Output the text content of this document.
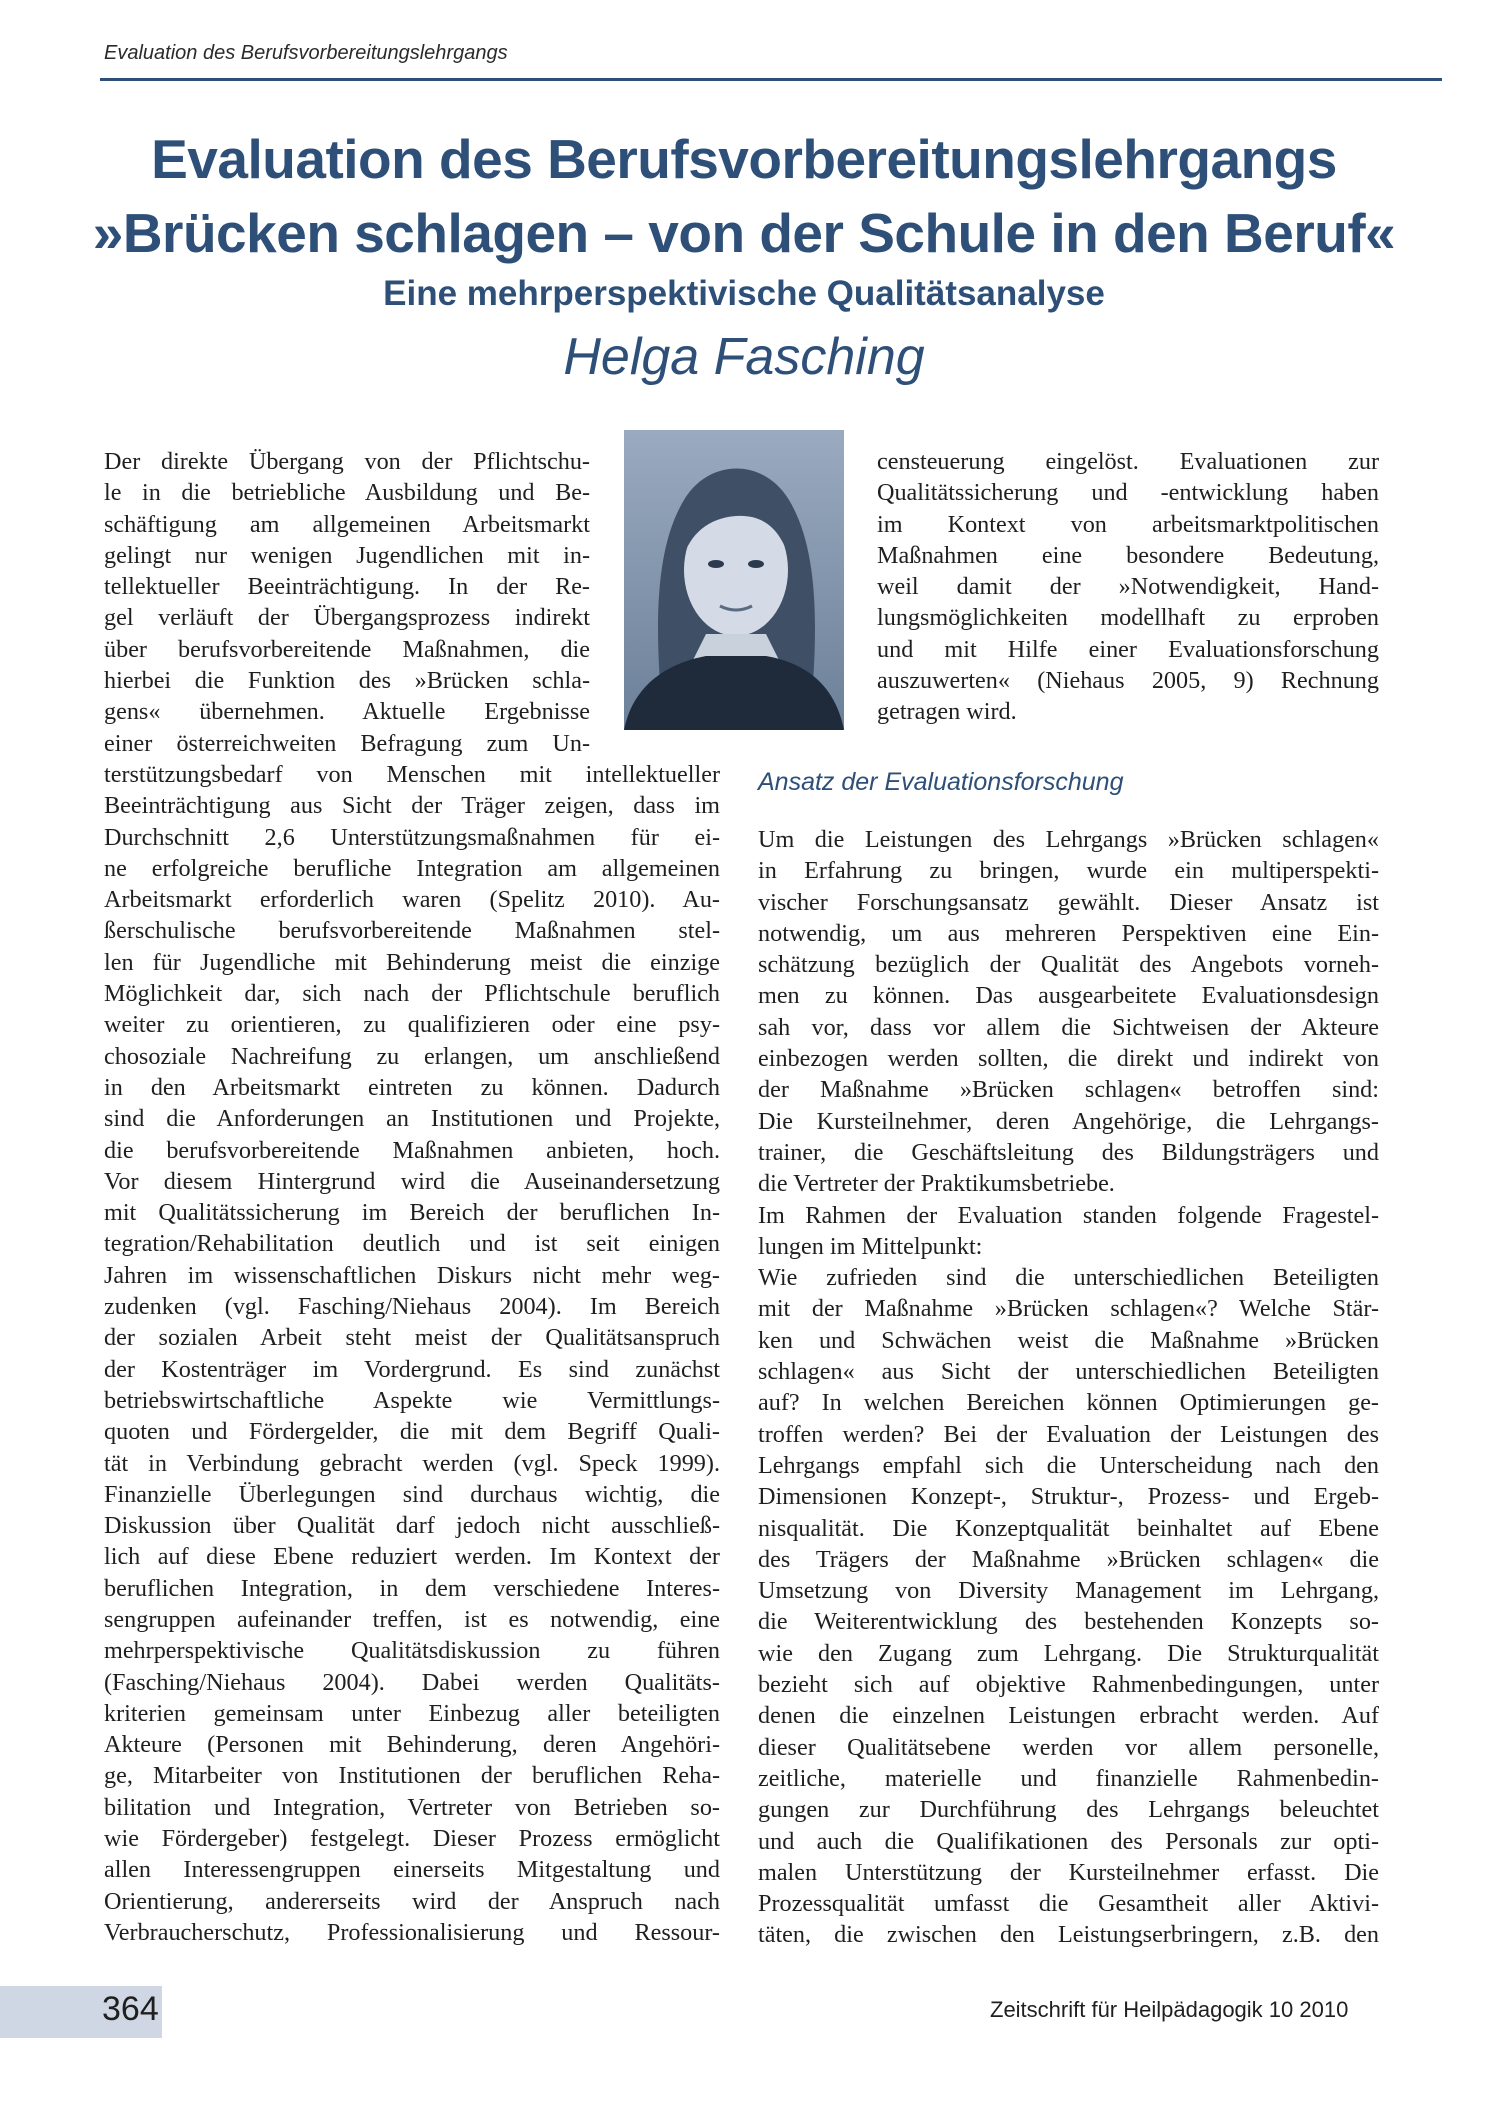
Evaluation des Berufsvorbereitungslehrgangs
Evaluation des Berufsvorbereitungslehrgangs
»Brücken schlagen – von der Schule in den Beruf«
Eine mehrperspektivische Qualitätsanalyse
Helga Fasching
Der direkte Übergang von der Pflichtschu-
le in die betriebliche Ausbildung und Be-
schäftigung am allgemeinen Arbeitsmarkt
gelingt nur wenigen Jugendlichen mit in-
tellektueller Beeinträchtigung. In der Re-
gel verläuft der Übergangsprozess indirekt
über berufsvorbereitende Maßnahmen, die
hierbei die Funktion des »Brücken schla-
gens« übernehmen. Aktuelle Ergebnisse
einer österreichweiten Befragung zum Un-
terstützungsbedarf von Menschen mit intellektueller
Beeinträchtigung aus Sicht der Träger zeigen, dass im
Durchschnitt 2,6 Unterstützungsmaßnahmen für ei-
ne erfolgreiche berufliche Integration am allgemeinen
Arbeitsmarkt erforderlich waren (Spelitz 2010). Au-
ßerschulische berufsvorbereitende Maßnahmen stel-
len für Jugendliche mit Behinderung meist die einzige
Möglichkeit dar, sich nach der Pflichtschule beruflich
weiter zu orientieren, zu qualifizieren oder eine psy-
chosoziale Nachreifung zu erlangen, um anschließend
in den Arbeitsmarkt eintreten zu können. Dadurch
sind die Anforderungen an Institutionen und Projekte,
die berufsvorbereitende Maßnahmen anbieten, hoch.
Vor diesem Hintergrund wird die Auseinandersetzung
mit Qualitätssicherung im Bereich der beruflichen In-
tegration/Rehabilitation deutlich und ist seit einigen
Jahren im wissenschaftlichen Diskurs nicht mehr weg-
zudenken (vgl. Fasching/Niehaus 2004). Im Bereich
der sozialen Arbeit steht meist der Qualitätsanspruch
der Kostenträger im Vordergrund. Es sind zunächst
betriebswirtschaftliche Aspekte wie Vermittlungs-
quoten und Fördergelder, die mit dem Begriff Quali-
tät in Verbindung gebracht werden (vgl. Speck 1999).
Finanzielle Überlegungen sind durchaus wichtig, die
Diskussion über Qualität darf jedoch nicht ausschließ-
lich auf diese Ebene reduziert werden. Im Kontext der
beruflichen Integration, in dem verschiedene Interes-
sengruppen aufeinander treffen, ist es notwendig, eine
mehrperspektivische Qualitätsdiskussion zu führen
(Fasching/Niehaus 2004). Dabei werden Qualitäts-
kriterien gemeinsam unter Einbezug aller beteiligten
Akteure (Personen mit Behinderung, deren Angehöri-
ge, Mitarbeiter von Institutionen der beruflichen Reha-
bilitation und Integration, Vertreter von Betrieben so-
wie Fördergeber) festgelegt. Dieser Prozess ermöglicht
allen Interessengruppen einerseits Mitgestaltung und
Orientierung, andererseits wird der Anspruch nach
Verbraucherschutz, Professionalisierung und Ressour-
censteuerung eingelöst. Evaluationen zur
Qualitätssicherung und -entwicklung haben
im Kontext von arbeitsmarktpolitischen
Maßnahmen eine besondere Bedeutung,
weil damit der »Notwendigkeit, Hand-
lungsmöglichkeiten modellhaft zu erproben
und mit Hilfe einer Evaluationsforschung
auszuwerten« (Niehaus 2005, 9) Rechnung
getragen wird.
Ansatz der Evaluationsforschung
Um die Leistungen des Lehrgangs »Brücken schlagen«
in Erfahrung zu bringen, wurde ein multiperspekti-
vischer Forschungsansatz gewählt. Dieser Ansatz ist
notwendig, um aus mehreren Perspektiven eine Ein-
schätzung bezüglich der Qualität des Angebots vorneh-
men zu können. Das ausgearbeitete Evaluationsdesign
sah vor, dass vor allem die Sichtweisen der Akteure
einbezogen werden sollten, die direkt und indirekt von
der Maßnahme »Brücken schlagen« betroffen sind:
Die Kursteilnehmer, deren Angehörige, die Lehrgangs-
trainer, die Geschäftsleitung des Bildungsträgers und
die Vertreter der Praktikumsbetriebe.
Im Rahmen der Evaluation standen folgende Fragestel-
lungen im Mittelpunkt:
Wie zufrieden sind die unterschiedlichen Beteiligten
mit der Maßnahme »Brücken schlagen«? Welche Stär-
ken und Schwächen weist die Maßnahme »Brücken
schlagen« aus Sicht der unterschiedlichen Beteiligten
auf? In welchen Bereichen können Optimierungen ge-
troffen werden? Bei der Evaluation der Leistungen des
Lehrgangs empfahl sich die Unterscheidung nach den
Dimensionen Konzept-, Struktur-, Prozess- und Ergeb-
nisqualität. Die Konzeptqualität beinhaltet auf Ebene
des Trägers der Maßnahme »Brücken schlagen« die
Umsetzung von Diversity Management im Lehrgang,
die Weiterentwicklung des bestehenden Konzepts so-
wie den Zugang zum Lehrgang. Die Strukturqualität
bezieht sich auf objektive Rahmenbedingungen, unter
denen die einzelnen Leistungen erbracht werden. Auf
dieser Qualitätsebene werden vor allem personelle,
zeitliche, materielle und finanzielle Rahmenbedin-
gungen zur Durchführung des Lehrgangs beleuchtet
und auch die Qualifikationen des Personals zur opti-
malen Unterstützung der Kursteilnehmer erfasst. Die
Prozessqualität umfasst die Gesamtheit aller Aktivi-
täten, die zwischen den Leistungserbringern, z.B. den
364	Zeitschrift für Heilpädagogik 10 2010
